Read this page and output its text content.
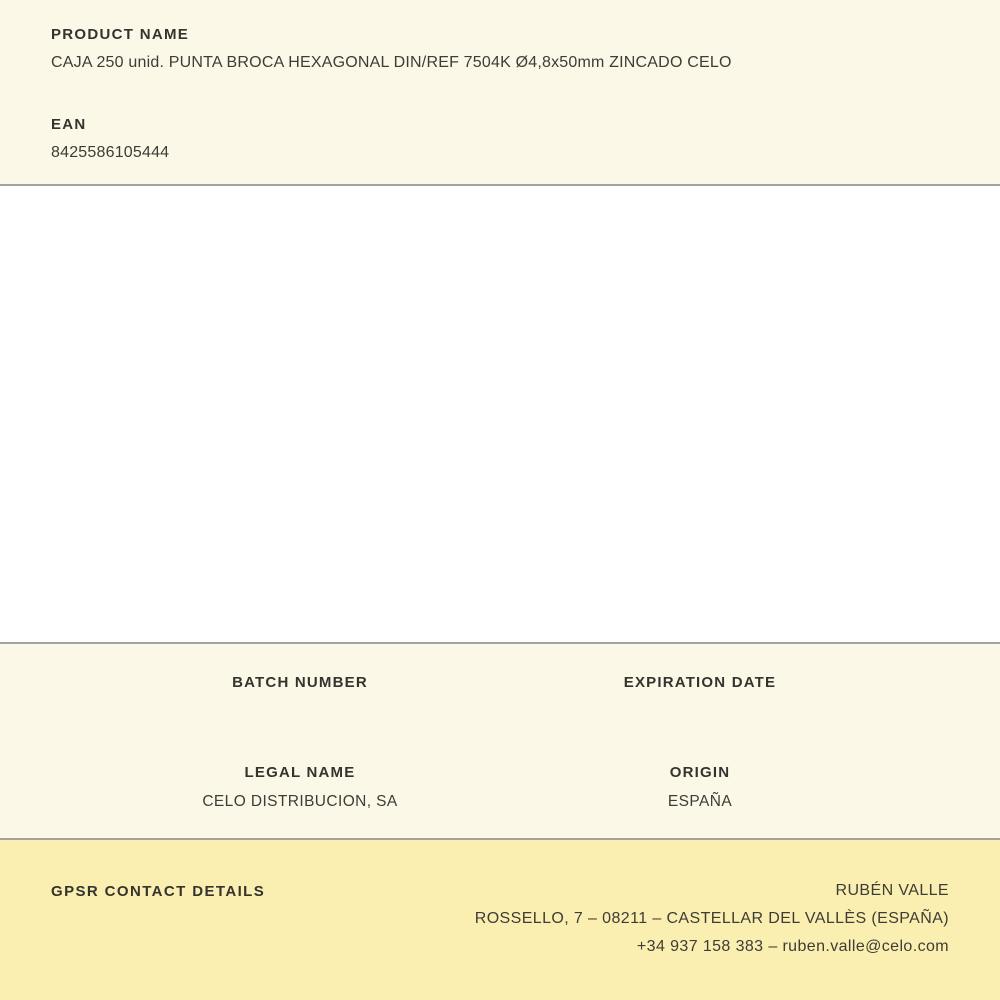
PRODUCT NAME
CAJA 250 unid. PUNTA BROCA HEXAGONAL DIN/REF 7504K Ø4,8x50mm ZINCADO CELO
EAN
8425586105444
BATCH NUMBER	EXPIRATION DATE
LEGAL NAME
CELO DISTRIBUCION, SA
ORIGIN
ESPAÑA
GPSR CONTACT DETAILS	RUBÉN VALLE
ROSSELLO, 7 – 08211 – CASTELLAR DEL VALLÈS (ESPAÑA)
+34 937 158 383 – ruben.valle@celo.com
